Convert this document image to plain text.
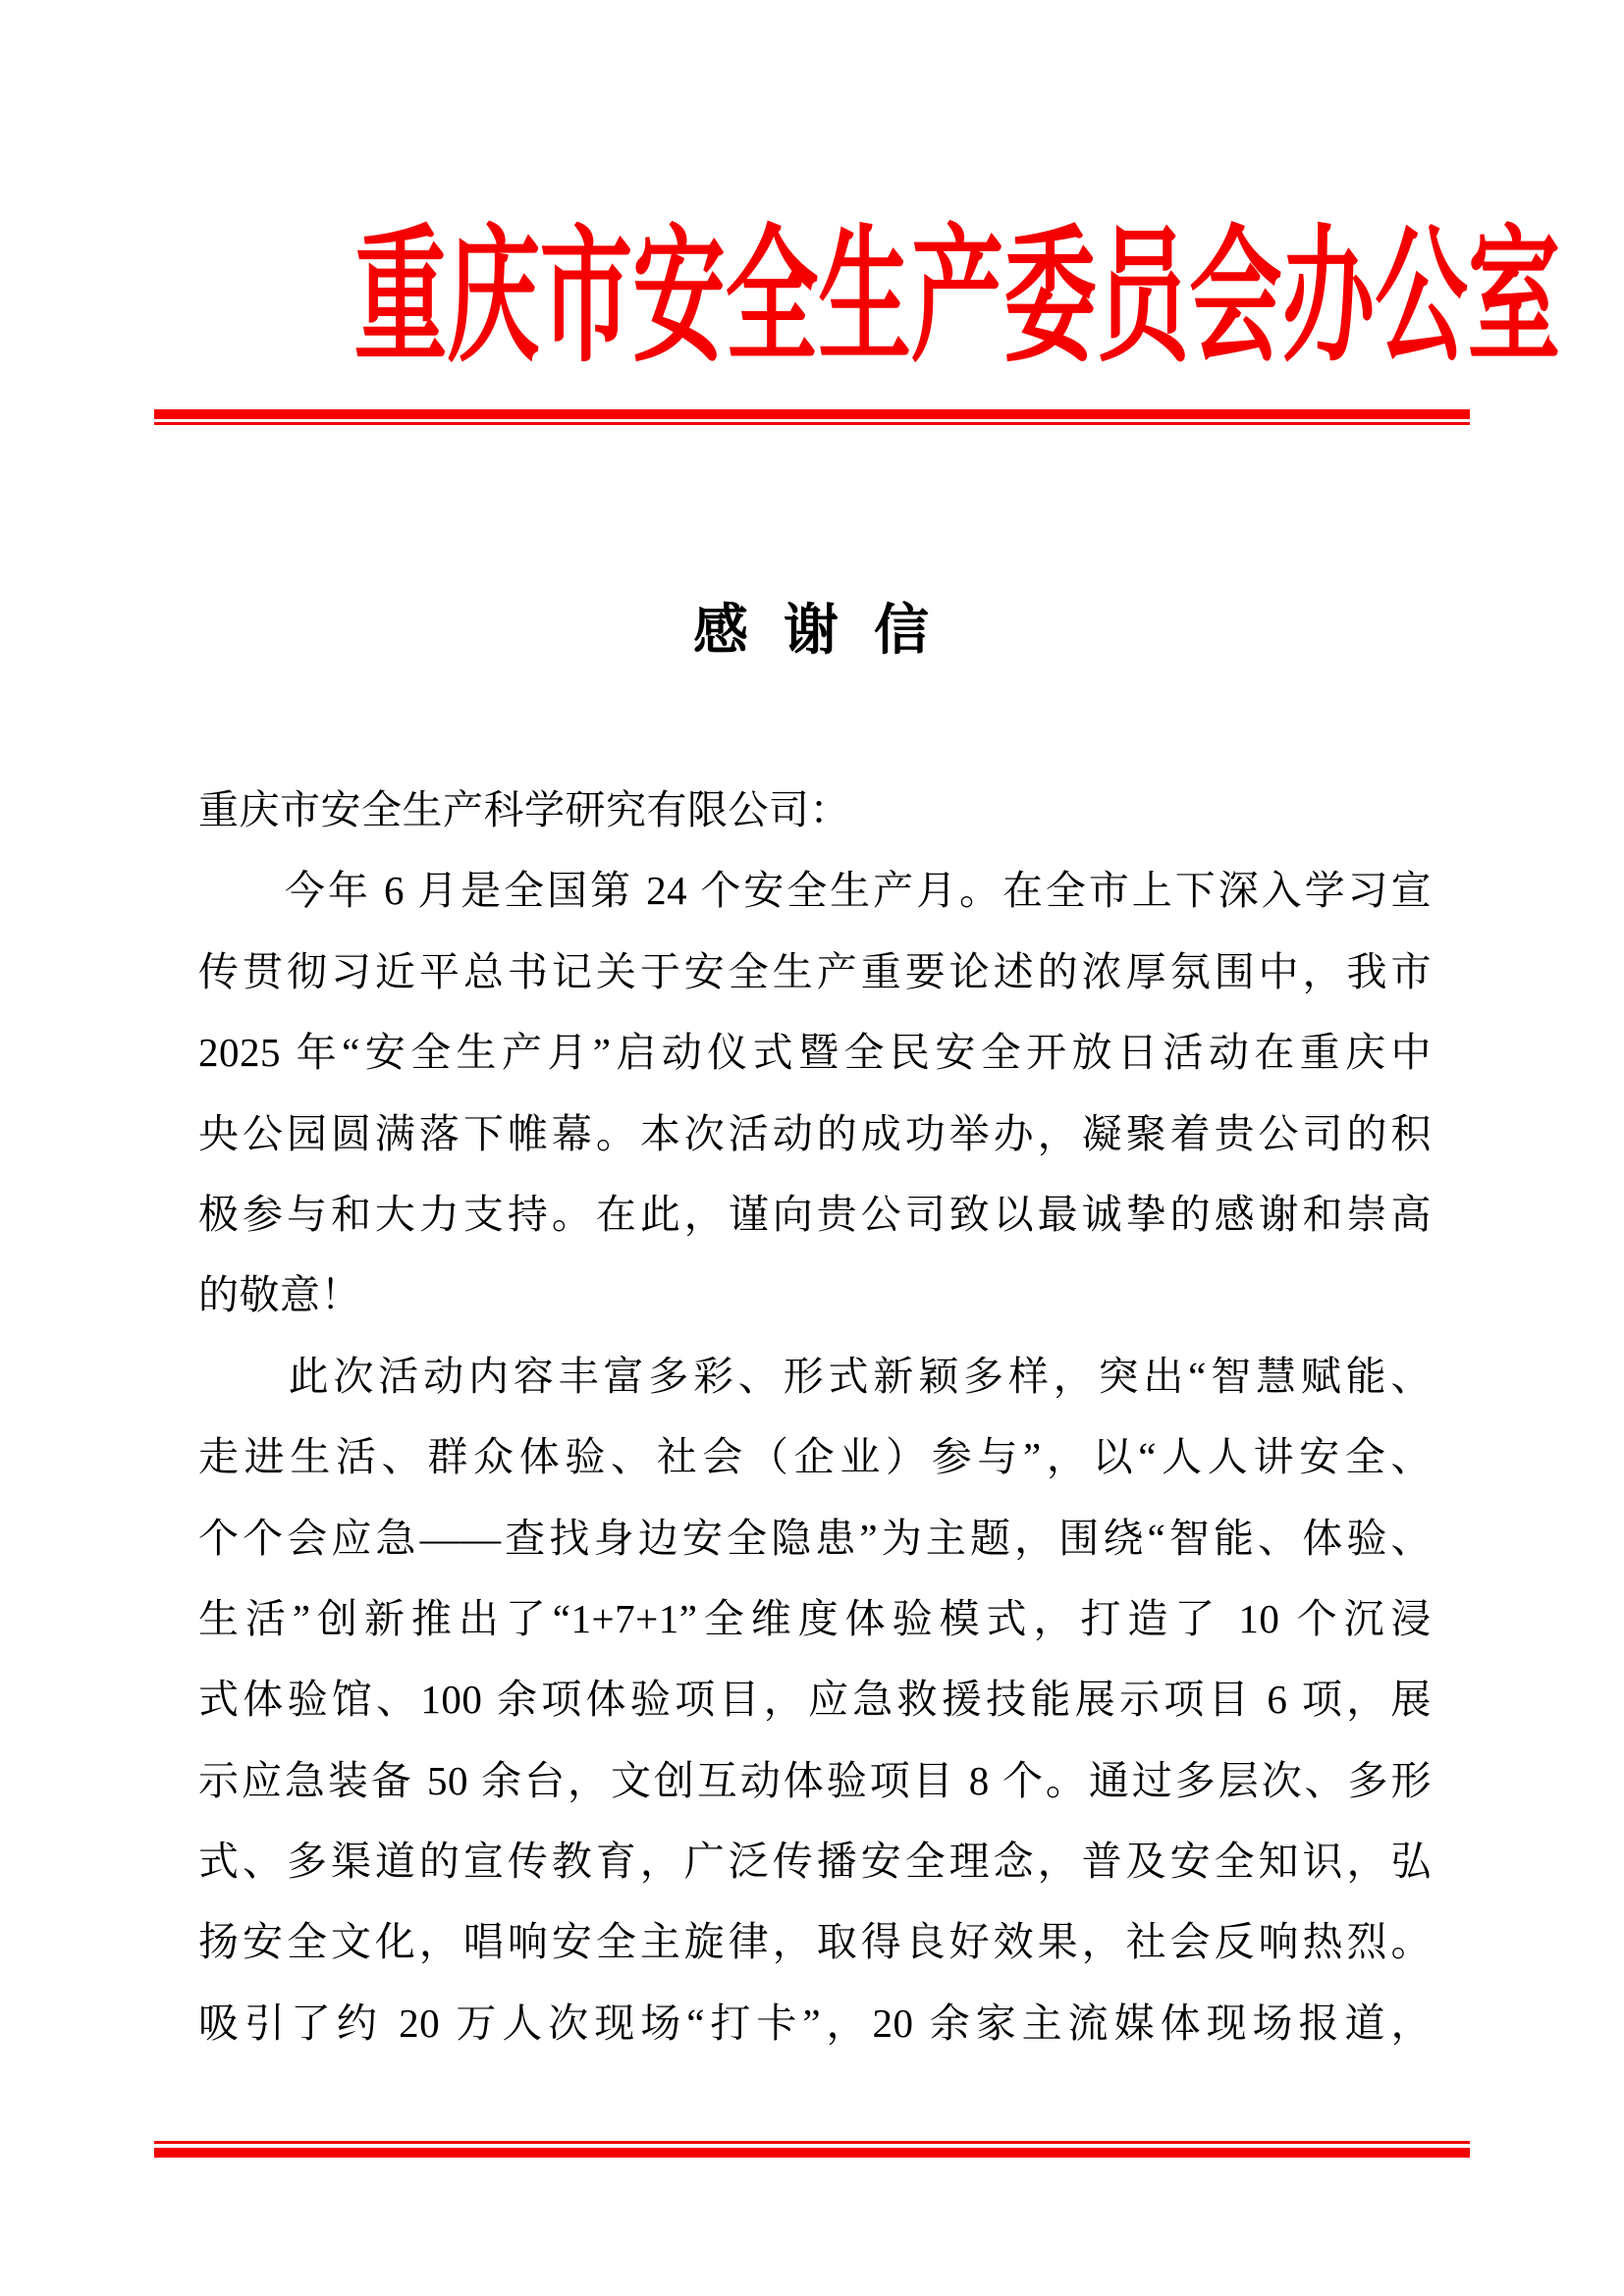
重庆市安全生产委员会办公室
感 谢 信
重庆市安全生产科学研究有限公司：
　　今年 6 月是全国第 24 个安全生产月。在全市上下深入学习宣
传贯彻习近平总书记关于安全生产重要论述的浓厚氛围中，我市
2025 年“安全生产月”启动仪式暨全民安全开放日活动在重庆中
央公园圆满落下帷幕。本次活动的成功举办，凝聚着贵公司的积
极参与和大力支持。在此，谨向贵公司致以最诚挚的感谢和崇高
的敬意！
　　此次活动内容丰富多彩、形式新颖多样，突出“智慧赋能、
走进生活、群众体验、社会（企业）参与”，以“人人讲安全、
个个会应急——查找身边安全隐患”为主题，围绕“智能、体验、
生活”创新推出了“1+7+1”全维度体验模式，打造了 10 个沉浸
式体验馆、100 余项体验项目，应急救援技能展示项目 6 项，展
示应急装备 50 余台，文创互动体验项目 8 个。通过多层次、多形
式、多渠道的宣传教育，广泛传播安全理念，普及安全知识，弘
扬安全文化，唱响安全主旋律，取得良好效果，社会反响热烈。
吸引了约 20 万人次现场“打卡”，20 余家主流媒体现场报道，
